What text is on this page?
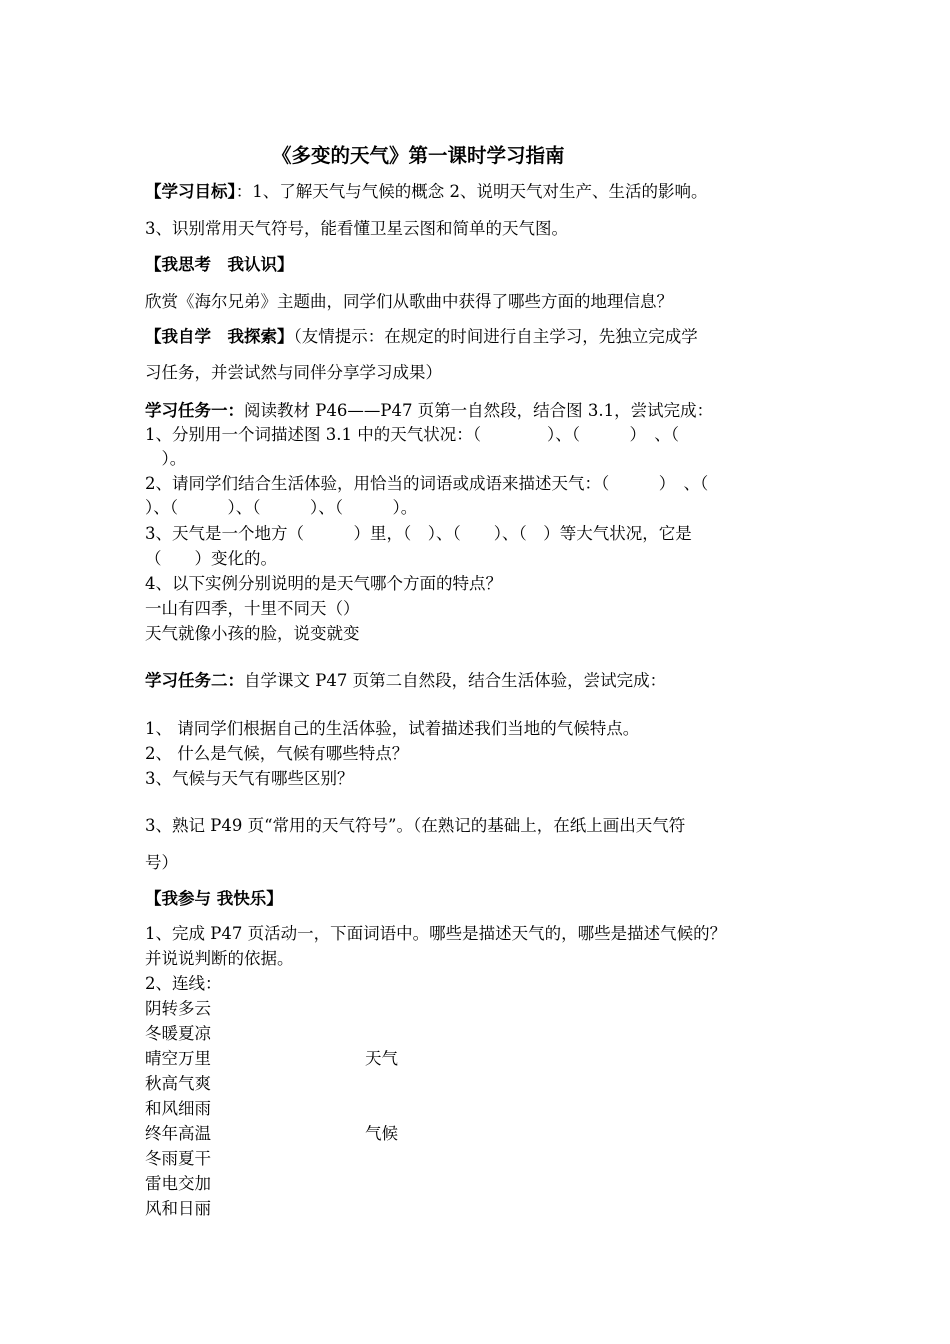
《多变的天气》第一课时学习指南
【学习目标】：1、了解天气与气候的概念 2、说明天气对生产、生活的影响。
3、识别常用天气符号，能看懂卫星云图和简单的天气图。
【我思考　我认识】
欣赏《海尔兄弟》主题曲，同学们从歌曲中获得了哪些方面的地理信息？
【我自学　我探索】（友情提示：在规定的时间进行自主学习，先独立完成学
习任务，并尝试然与同伴分享学习成果）
学习任务一：阅读教材 P46——P47 页第一自然段，结合图 3.1，尝试完成：
1、分别用一个词描述图 3.1 中的天气状况：（　　　　）、（　　　）　、（
　）。
2、请同学们结合生活体验，用恰当的词语或成语来描述天气：（　　　）　、（
）、（　　　）、（　　　）、（　　　）。
3、天气是一个地方（　　　）里，（　）、（　　）、（　）等大气状况，它是
（　　）变化的。
4、以下实例分别说明的是天气哪个方面的特点？
一山有四季，十里不同天（）
天气就像小孩的脸，说变就变
学习任务二：自学课文 P47 页第二自然段，结合生活体验，尝试完成：
1、 请同学们根据自己的生活体验，试着描述我们当地的气候特点。
2、 什么是气候，气候有哪些特点？
3、气候与天气有哪些区别？
3、熟记 P49 页“常用的天气符号”。（在熟记的基础上，在纸上画出天气符
号）
【我参与 我快乐】
1、完成 P47 页活动一，下面词语中。哪些是描述天气的，哪些是描述气候的？
并说说判断的依据。
2、连线：
阴转多云
冬暖夏凉
晴空万里
秋高气爽
和风细雨
终年高温
冬雨夏干
雷电交加
风和日丽
天气
气候
